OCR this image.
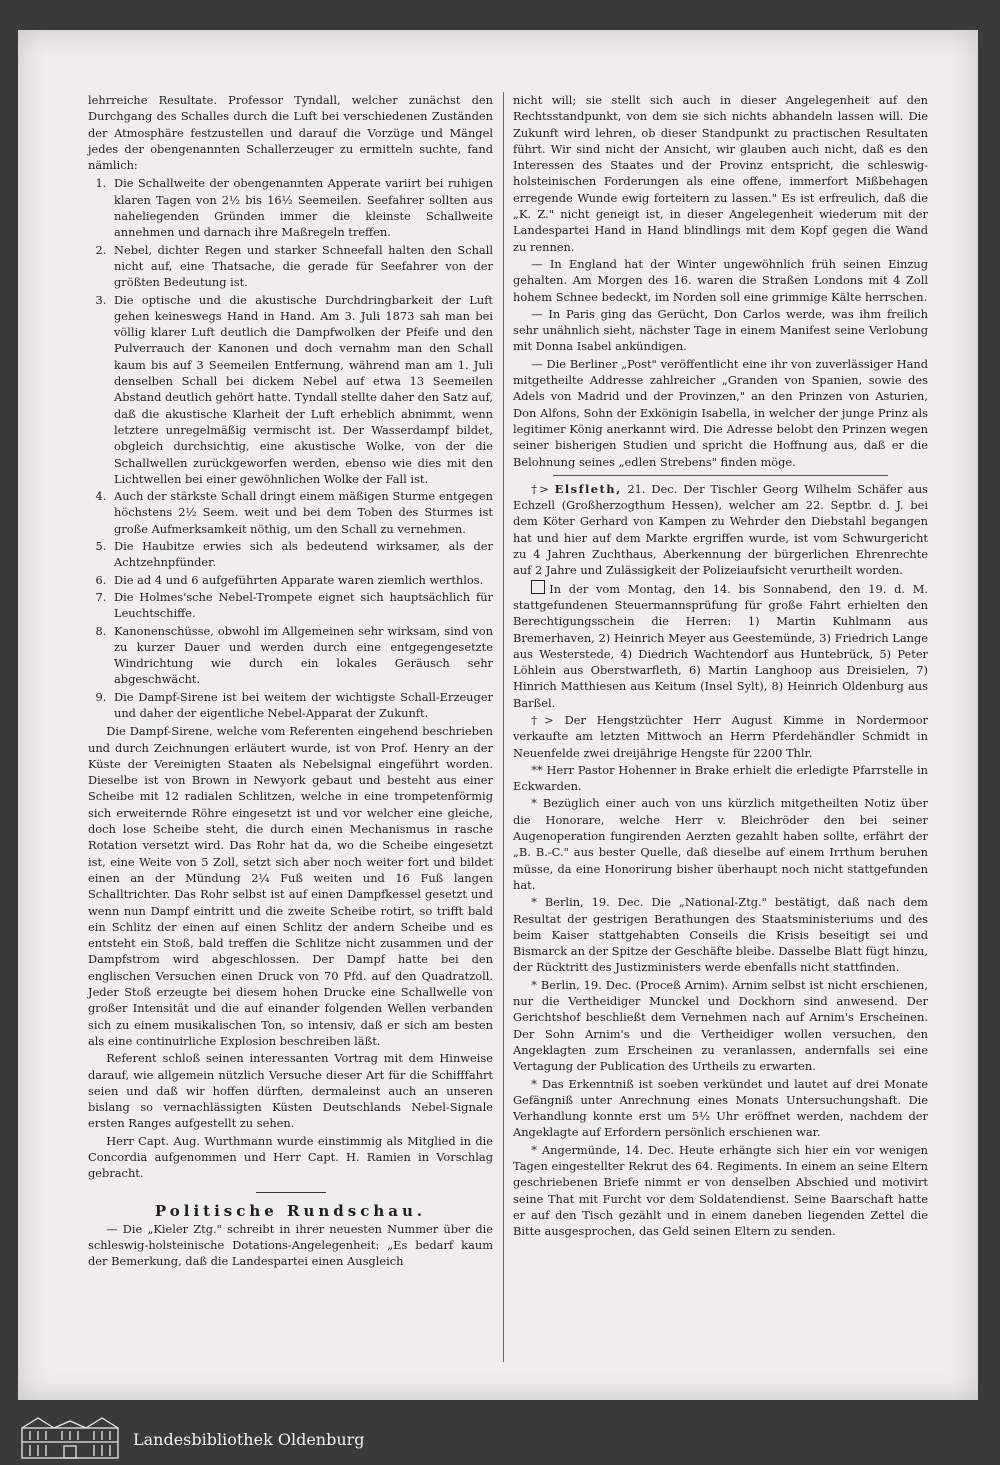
lehrreiche Resultate. Professor Tyndall, welcher zunächst den Durchgang des Schalles durch die Luft bei verschiedenen Zuständen der Atmosphäre festzustellen und darauf die Vorzüge und Mängel jedes der obengenannten Schallerzeuger zu ermitteln suchte, fand nämlich:

1. Die Schallweite der obengenannten Apperate variirt bei ruhigen klaren Tagen von 2½ bis 16½ Seemeilen. Seefahrer sollten aus naheliegenden Gründen immer die kleinste Schallweite annehmen und darnach ihre Maßregeln treffen.
2. Nebel, dichter Regen und starker Schneefall halten den Schall nicht auf, eine Thatsache, die gerade für Seefahrer von der größten Bedeutung ist.
3. Die optische und die akustische Durchdringbarkeit der Luft gehen keineswegs Hand in Hand. Am 3. Juli 1873 sah man bei völlig klarer Luft deutlich die Dampfwolken der Pfeife und den Pulverrauch der Kanonen und doch vernahm man den Schall kaum bis auf 3 Seemeilen Entfernung, während man am 1. Juli denselben Schall bei dickem Nebel auf etwa 13 Seemeilen Abstand deutlich gehört hatte. Tyndall stellte daher den Satz auf, daß die akustische Klarheit der Luft erheblich abnimmt, wenn letztere unregelmäßig vermischt ist. Der Wasserdampf bildet, obgleich durchsichtig, eine akustische Wolke, von der die Schallwellen zurückgeworfen werden, ebenso wie dies mit den Lichtwellen bei einer gewöhnlichen Wolke der Fall ist.
4. Auch der stärkste Schall dringt einem mäßigen Sturme entgegen höchstens 2½ Seem. weit und bei dem Toben des Sturmes ist große Aufmerksamkeit nöthig, um den Schall zu vernehmen.
5. Die Haubitze erwies sich als bedeutend wirksamer, als der Achtzehnpfünder.
6. Die ad 4 und 6 aufgeführten Apparate waren ziemlich werthlos.
7. Die Holmes'sche Nebel-Trompete eignet sich hauptsächlich für Leuchtschiffe.
8. Kanonenschüsse, obwohl im Allgemeinen sehr wirksam, sind von zu kurzer Dauer und werden durch eine entgegengesetzte Windrichtung wie durch ein lokales Geräusch sehr abgeschwächt.
9. Die Dampf-Sirene ist bei weitem der wichtigste Schall-Erzeuger und daher der eigentliche Nebel-Apparat der Zukunft.

Die Dampf-Sirene, welche vom Referenten eingehend beschrieben und durch Zeichnungen erläutert wurde, ist von Prof. Henry an der Küste der Vereinigten Staaten als Nebelsignal eingeführt worden. Dieselbe ist von Brown in Newyork gebaut und besteht aus einer Scheibe mit 12 radialen Schlitzen, welche in eine trompetenförmig sich erweiternde Röhre eingesetzt ist und vor welcher eine gleiche, doch lose Scheibe steht, die durch einen Mechanismus in rasche Rotation versetzt wird. Das Rohr hat da, wo die Scheibe eingesetzt ist, eine Weite von 5 Zoll, setzt sich aber noch weiter fort und bildet einen an der Mündung 2¼ Fuß weiten und 16 Fuß langen Schalltrichter. Das Rohr selbst ist auf einen Dampfkessel gesetzt und wenn nun Dampf eintritt und die zweite Scheibe rotirt, so trifft bald ein Schlitz der einen auf einen Schlitz der andern Scheibe und es entsteht ein Stoß, bald treffen die Schlitze nicht zusammen und der Dampfstrom wird abgeschlossen. Der Dampf hatte bei den englischen Versuchen einen Druck von 70 Pfd. auf den Quadratzoll. Jeder Stoß erzeugte bei diesem hohen Drucke eine Schallwelle von großer Intensität und die auf einander folgenden Wellen verbanden sich zu einem musikalischen Ton, so intensiv, daß er sich am besten als eine continuirliche Explosion beschreiben läßt.

Referent schloß seinen interessanten Vortrag mit dem Hinweise darauf, wie allgemein nützlich Versuche dieser Art für die Schifffahrt seien und daß wir hoffen dürften, dermaleinst auch an unseren bislang so vernachlässigten Küsten Deutschlands Nebel-Signale ersten Ranges aufgestellt zu sehen.

Herr Capt. Aug. Wurthmann wurde einstimmig als Mitglied in die Concordia aufgenommen und Herr Capt. H. Ramien in Vorschlag gebracht.

Politische Rundschau.

— Die „Kieler Ztg." schreibt in ihrer neuesten Nummer über die schleswig-holsteinische Dotations-Angelegenheit: „Es bedarf kaum der Bemerkung, daß die Landespartei einen Ausgleich

nicht will; sie stellt sich auch in dieser Angelegenheit auf den Rechtsstandpunkt, von dem sie sich nichts abhandeln lassen will. Die Zukunft wird lehren, ob dieser Standpunkt zu practischen Resultaten führt. Wir sind nicht der Ansicht, wir glauben auch nicht, daß es den Interessen des Staates und der Provinz entspricht, die schleswig-holsteinischen Forderungen als eine offene, immerfort Mißbehagen erregende Wunde ewig forteitern zu lassen." Es ist erfreulich, daß die „K. Z." nicht geneigt ist, in dieser Angelegenheit wiederum mit der Landespartei Hand in Hand blindlings mit dem Kopf gegen die Wand zu rennen.

— In England hat der Winter ungewöhnlich früh seinen Einzug gehalten. Am Morgen des 16. waren die Straßen Londons mit 4 Zoll hohem Schnee bedeckt, im Norden soll eine grimmige Kälte herrschen.

— In Paris ging das Gerücht, Don Carlos werde, was ihm freilich sehr unähnlich sieht, nächster Tage in einem Manifest seine Verlobung mit Donna Isabel ankündigen.

— Die Berliner „Post" veröffentlicht eine ihr von zuverlässiger Hand mitgetheilte Addresse zahlreicher „Granden von Spanien, sowie des Adels von Madrid und der Provinzen," an den Prinzen von Asturien, Don Alfons, Sohn der Exkönigin Isabella, in welcher der junge Prinz als legitimer König anerkannt wird. Die Adresse belobt den Prinzen wegen seiner bisherigen Studien und spricht die Hoffnung aus, daß er die Belohnung seines „edlen Strebens" finden möge.

†> Elsfleth, 21. Dec. Der Tischler Georg Wilhelm Schäfer aus Echzell (Großherzogthum Hessen), welcher am 22. Septbr. d. J. bei dem Köter Gerhard von Kampen zu Wehrder den Diebstahl begangen hat und hier auf dem Markte ergriffen wurde, ist vom Schwurgericht zu 4 Jahren Zuchthaus, Aberkennung der bürgerlichen Ehrenrechte auf 2 Jahre und Zulässigkeit der Polizeiaufsicht verurtheilt worden.

In der vom Montag, den 14. bis Sonnabend, den 19. d. M. stattgefundenen Steuermannsprüfung für große Fahrt erhielten den Berechtigungsschein die Herren: 1) Martin Kuhlmann aus Bremerhaven, 2) Heinrich Meyer aus Geestemünde, 3) Friedrich Lange aus Westerstede, 4) Diedrich Wachtendorf aus Huntebrück, 5) Peter Löhlein aus Oberstwarfleth, 6) Martin Langhoop aus Dreisielen, 7) Hinrich Matthiesen aus Keitum (Insel Sylt), 8) Heinrich Oldenburg aus Barßel.

†> Der Hengstzüchter Herr August Kimme in Nordermoor verkaufte am letzten Mittwoch an Herrn Pferdehändler Schmidt in Neuenfelde zwei dreijährige Hengste für 2200 Thlr.

** Herr Pastor Hohenner in Brake erhielt die erledigte Pfarrstelle in Eckwarden.

* Bezüglich einer auch von uns kürzlich mitgetheilten Notiz über die Honorare, welche Herr v. Bleichröder den bei seiner Augenoperation fungirenden Aerzten gezahlt haben sollte, erfährt der „B. B.-C." aus bester Quelle, daß dieselbe auf einem Irrthum beruhen müsse, da eine Honorirung bisher überhaupt noch nicht stattgefunden hat.

* Berlin, 19. Dec. Die „National-Ztg." bestätigt, daß nach dem Resultat der gestrigen Berathungen des Staatsministeriums und des beim Kaiser stattgehabten Conseils die Krisis beseitigt sei und Bismarck an der Spitze der Geschäfte bleibe. Dasselbe Blatt fügt hinzu, der Rücktritt des Justizministers werde ebenfalls nicht stattfinden.

* Berlin, 19. Dec. (Proceß Arnim). Arnim selbst ist nicht erschienen, nur die Vertheidiger Munckel und Dockhorn sind anwesend. Der Gerichtshof beschließt dem Vernehmen nach auf Arnim's Erscheinen. Der Sohn Arnim's und die Vertheidiger wollen versuchen, den Angeklagten zum Erscheinen zu veranlassen, andernfalls sei eine Vertagung der Publication des Urtheils zu erwarten.

* Das Erkenntniß ist soeben verkündet und lautet auf drei Monate Gefängniß unter Anrechnung eines Monats Untersuchungshaft. Die Verhandlung konnte erst um 5½ Uhr eröffnet werden, nachdem der Angeklagte auf Erfordern persönlich erschienen war.

* Angermünde, 14. Dec. Heute erhängte sich hier ein vor wenigen Tagen eingestellter Rekrut des 64. Regiments. In einem an seine Eltern geschriebenen Briefe nimmt er von denselben Abschied und motivirt seine That mit Furcht vor dem Soldatendienst. Seine Baarschaft hatte er auf den Tisch gezählt und in einem daneben liegenden Zettel die Bitte ausgesprochen, das Geld seinen Eltern zu senden.

Landesbibliothek Oldenburg
